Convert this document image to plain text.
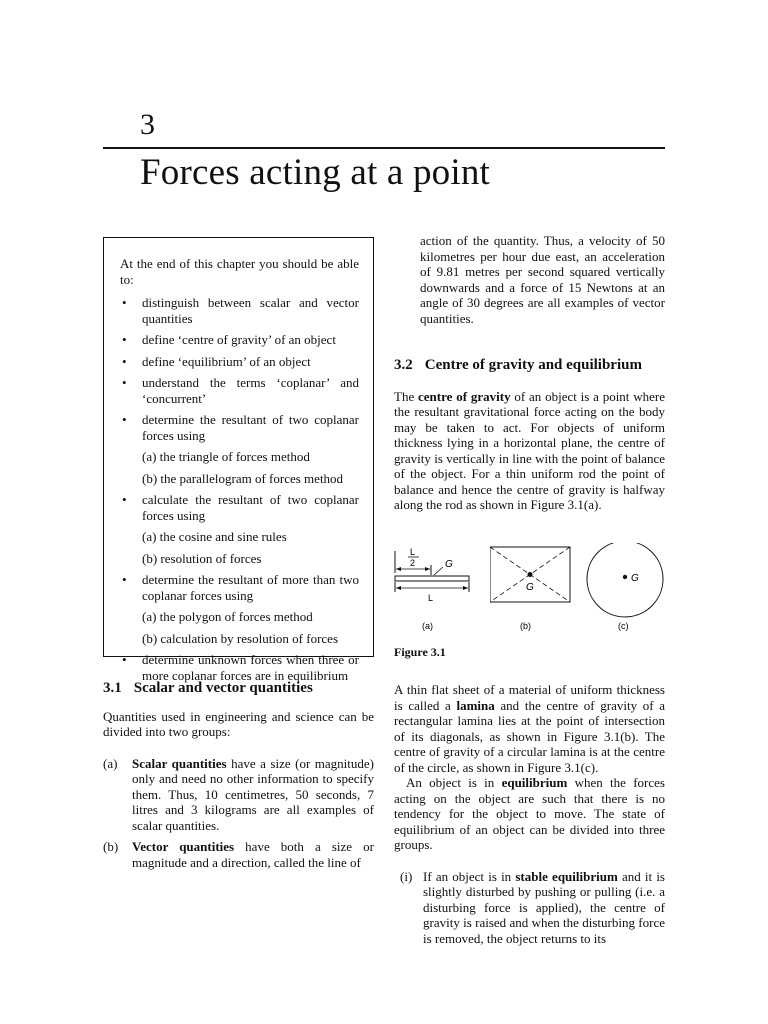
3
Forces acting at a point

At the end of this chapter you should be able to:

• distinguish between scalar and vector quantities
• define ‘centre of gravity’ of an object
• define ‘equilibrium’ of an object
• understand the terms ‘coplanar’ and ‘concurrent’
• determine the resultant of two coplanar forces using
(a) the triangle of forces method
(b) the parallelogram of forces method
• calculate the resultant of two coplanar forces using
(a) the cosine and sine rules
(b) resolution of forces
• determine the resultant of more than two coplanar forces using
(a) the polygon of forces method
(b) calculation by resolution of forces
• determine unknown forces when three or more coplanar forces are in equilibrium
3.1 Scalar and vector quantities

Quantities used in engineering and science can be divided into two groups:

(a) Scalar quantities have a size (or magnitude) only and need no other information to specify them. Thus, 10 centimetres, 50 seconds, 7 litres and 3 kilograms are all examples of scalar quantities.
(b) Vector quantities have both a size or magnitude and a direction, called the line of

action of the quantity. Thus, a velocity of 50 kilometres per hour due east, an acceleration of 9.81 metres per second squared vertically downwards and a force of 15 Newtons at an angle of 30 degrees are all examples of vector quantities.

3.2 Centre of gravity and equilibrium

The centre of gravity of an object is a point where the resultant gravitational force acting on the body may be taken to act. For objects of uniform thickness lying in a horizontal plane, the centre of gravity is vertically in line with the point of balance of the object. For a thin uniform rod the point of balance and hence the centre of gravity is halfway along the rod as shown in Figure 3.1(a).

L
2	G
L
(a)
G
(b)
G
(c)
Figure 3.1

A thin flat sheet of a material of uniform thickness is called a lamina and the centre of gravity of a rectangular lamina lies at the point of intersection of its diagonals, as shown in Figure 3.1(b). The centre of gravity of a circular lamina is at the centre of the circle, as shown in Figure 3.1(c).

An object is in equilibrium when the forces acting on the object are such that there is no tendency for the object to move. The state of equilibrium of an object can be divided into three groups.

(i) If an object is in stable equilibrium and it is slightly disturbed by pushing or pulling (i.e. a disturbing force is applied), the centre of gravity is raised and when the disturbing force is removed, the object returns to its
